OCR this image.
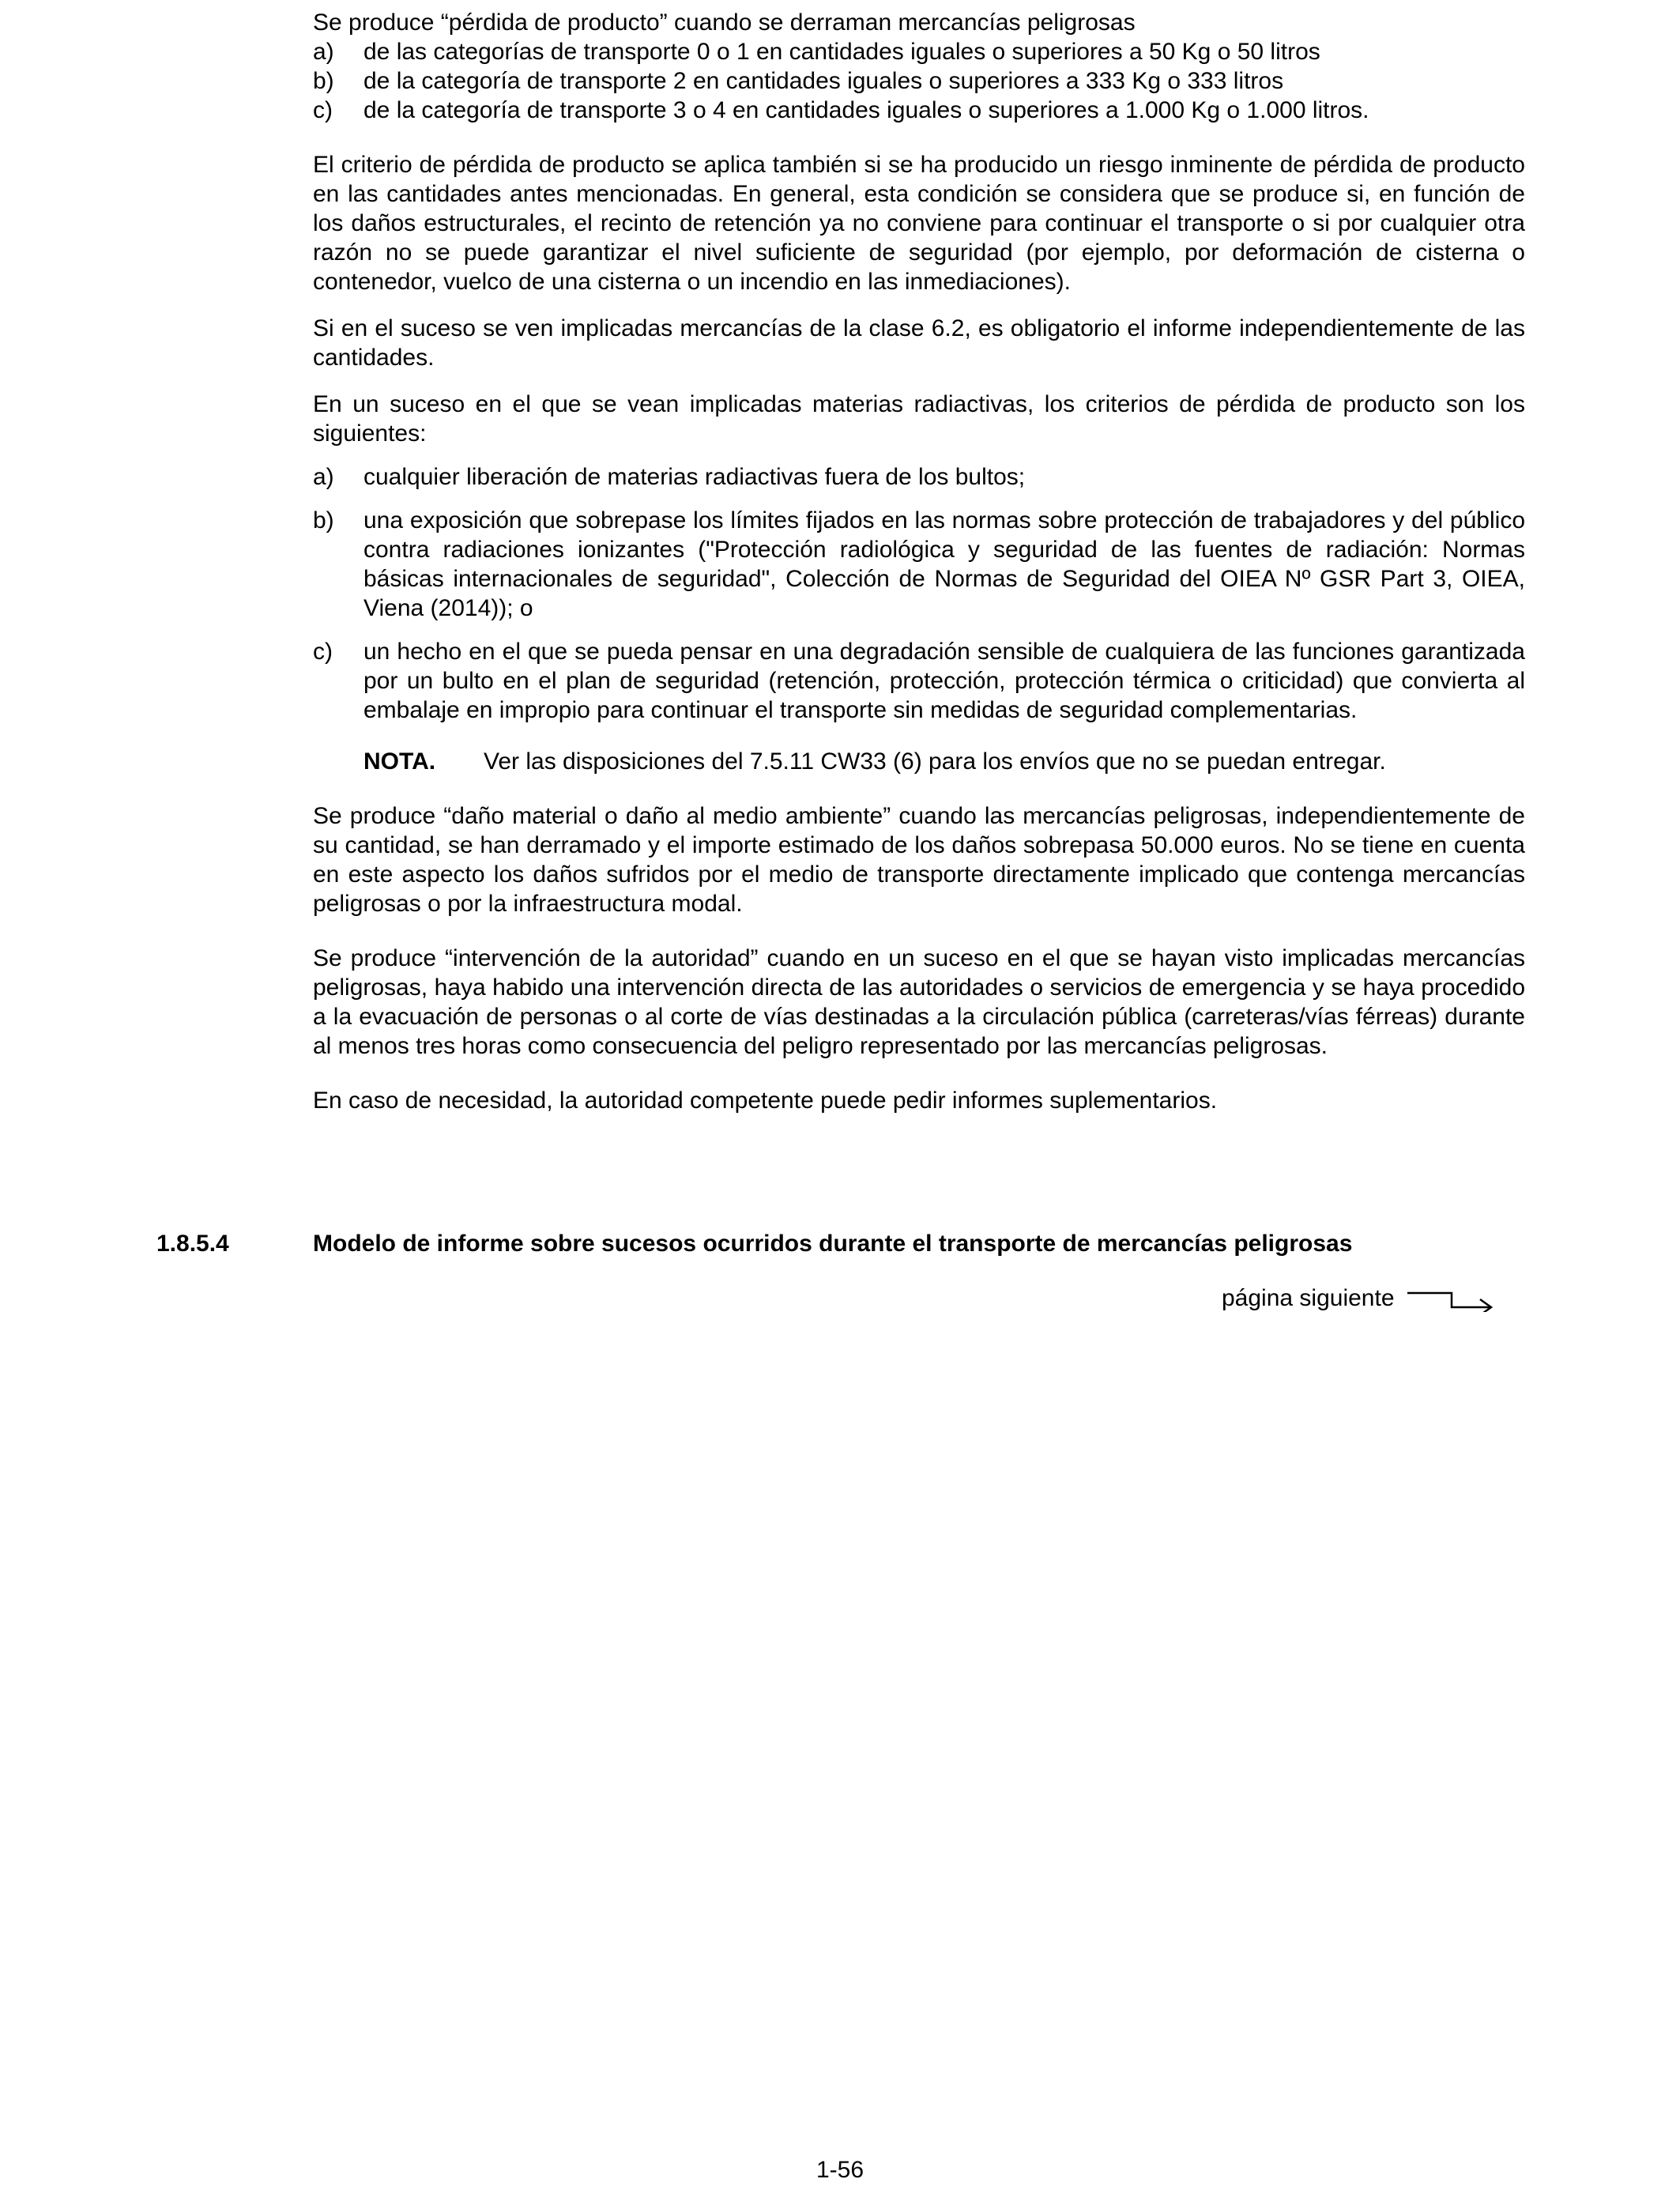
Se produce “pérdida de producto” cuando se derraman mercancías peligrosas

a)	de las categorías de transporte 0 o 1 en cantidades iguales o superiores a 50 Kg o 50 litros
b)	de la categoría de transporte 2 en cantidades iguales o superiores a 333 Kg o 333 litros
c)	de la categoría de transporte 3 o 4 en cantidades iguales o superiores a 1.000 Kg o 1.000 litros.

El criterio de pérdida de producto se aplica también si se ha producido un riesgo inminente de pérdida de producto en las cantidades antes mencionadas. En general, esta condición se considera que se produce si, en función de los daños estructurales, el recinto de retención ya no conviene para continuar el transporte o si por cualquier otra razón no se puede garantizar el nivel suficiente de seguridad (por ejemplo, por deformación de cisterna o contenedor, vuelco de una cisterna o un incendio en las inmediaciones).

Si en el suceso se ven implicadas mercancías de la clase 6.2, es obligatorio el informe independientemente de las cantidades.

En un suceso en el que se vean implicadas materias radiactivas, los criterios de pérdida de producto son los siguientes:

a)	cualquier liberación de materias radiactivas fuera de los bultos;
b)	una exposición que sobrepase los límites fijados en las normas sobre protección de trabajadores y del público contra radiaciones ionizantes ("Protección radiológica y seguridad de las fuentes de radiación: Normas básicas internacionales de seguridad", Colección de Normas de Seguridad del OIEA Nº GSR Part 3, OIEA, Viena (2014)); o
c)	un hecho en el que se pueda pensar en una degradación sensible de cualquiera de las funciones garantizada por un bulto en el plan de seguridad (retención, protección, protección térmica o criticidad) que convierta al embalaje en impropio para continuar el transporte sin medidas de seguridad complementarias.
NOTA.	Ver las disposiciones del 7.5.11 CW33 (6) para los envíos que no se puedan entregar.

Se produce “daño material o daño al medio ambiente” cuando las mercancías peligrosas, independientemente de su cantidad, se han derramado y el importe estimado de los daños sobrepasa 50.000 euros. No se tiene en cuenta en este aspecto los daños sufridos por el medio de transporte directamente implicado que contenga mercancías peligrosas o por la infraestructura modal.

Se produce “intervención de la autoridad” cuando en un suceso en el que se hayan visto implicadas mercancías peligrosas, haya habido una intervención directa de las autoridades o servicios de emergencia y se haya procedido a la evacuación de personas o al corte de vías destinadas a la circulación pública (carreteras/vías férreas) durante al menos tres horas como consecuencia del peligro representado por las mercancías peligrosas.

En caso de necesidad, la autoridad competente puede pedir informes suplementarios.

1.8.5.4	Modelo de informe sobre sucesos ocurridos durante el transporte de mercancías peligrosas
página siguiente
1-56
